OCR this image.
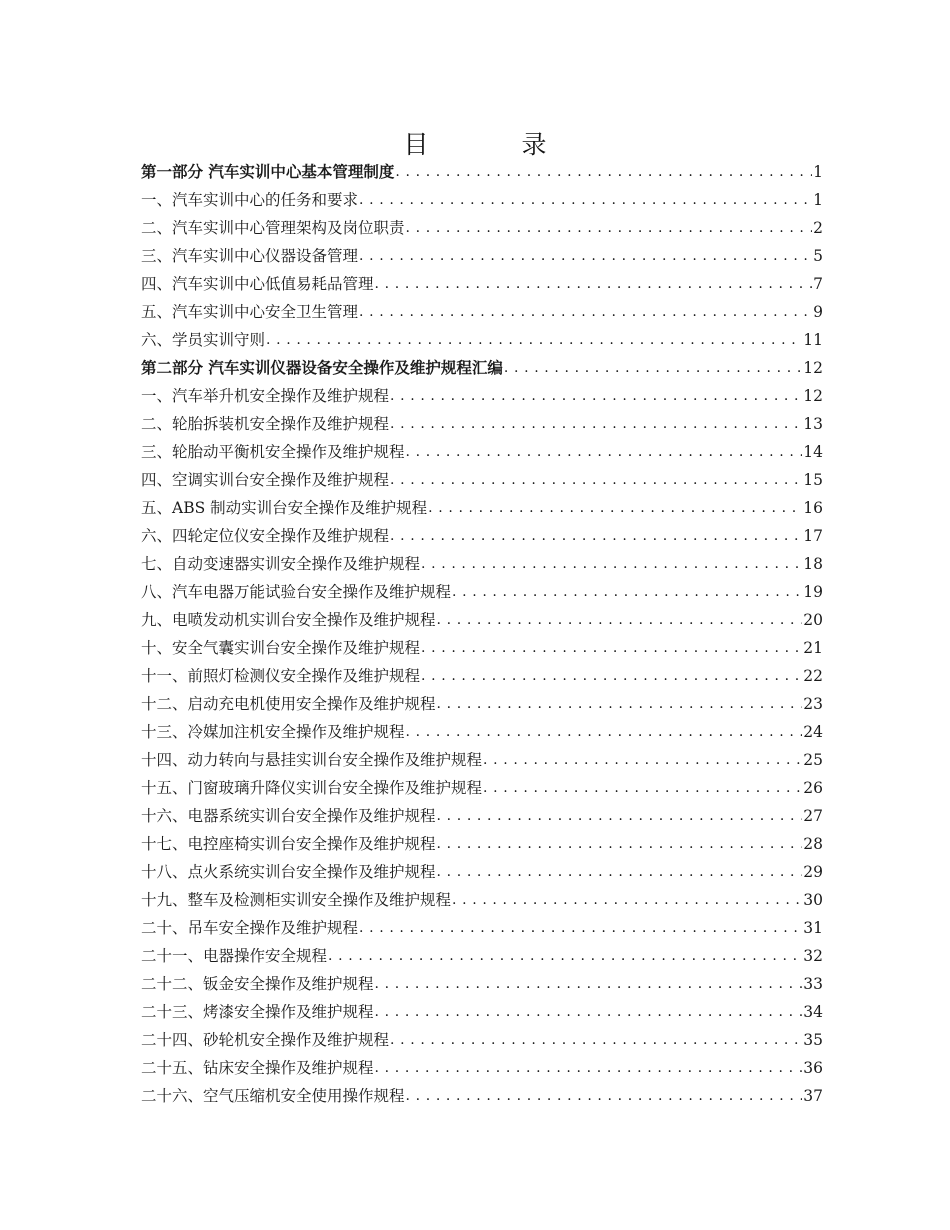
目　录
第一部分 汽车实训中心基本管理制度 . . .	1
一、汽车实训中心的任务和要求 . . .	1
二、汽车实训中心管理架构及岗位职责 . . .	2
三、汽车实训中心仪器设备管理 . . .	5
四、汽车实训中心低值易耗品管理 . . .	7
五、汽车实训中心安全卫生管理 . . .	9
六、学员实训守则 . . .	11
第二部分 汽车实训仪器设备安全操作及维护规程汇编 . . .	12
一、汽车举升机安全操作及维护规程 . . .	12
二、轮胎拆装机安全操作及维护规程 . . .	13
三、轮胎动平衡机安全操作及维护规程 . . .	14
四、空调实训台安全操作及维护规程 . . .	15
五、ABS 制动实训台安全操作及维护规程 . . .	16
六、四轮定位仪安全操作及维护规程 . . .	17
七、自动变速器实训安全操作及维护规程 . . .	18
八、汽车电器万能试验台安全操作及维护规程 . . .	19
九、电喷发动机实训台安全操作及维护规程 . . .	20
十、安全气囊实训台安全操作及维护规程 . . .	21
十一、前照灯检测仪安全操作及维护规程 . . .	22
十二、启动充电机使用安全操作及维护规程 . . .	23
十三、冷媒加注机安全操作及维护规程 . . .	24
十四、动力转向与悬挂实训台安全操作及维护规程 . . .	25
十五、门窗玻璃升降仪实训台安全操作及维护规程 . . .	26
十六、电器系统实训台安全操作及维护规程 . . .	27
十七、电控座椅实训台安全操作及维护规程 . . .	28
十八、点火系统实训台安全操作及维护规程 . . .	29
十九、整车及检测柜实训安全操作及维护规程 . . .	30
二十、吊车安全操作及维护规程 . . .	31
二十一、电器操作安全规程 . . .	32
二十二、钣金安全操作及维护规程 . . .	33
二十三、烤漆安全操作及维护规程 . . .	34
二十四、砂轮机安全操作及维护规程 . . .	35
二十五、钻床安全操作及维护规程 . . .	36
二十六、空气压缩机安全使用操作规程 . . .	37
